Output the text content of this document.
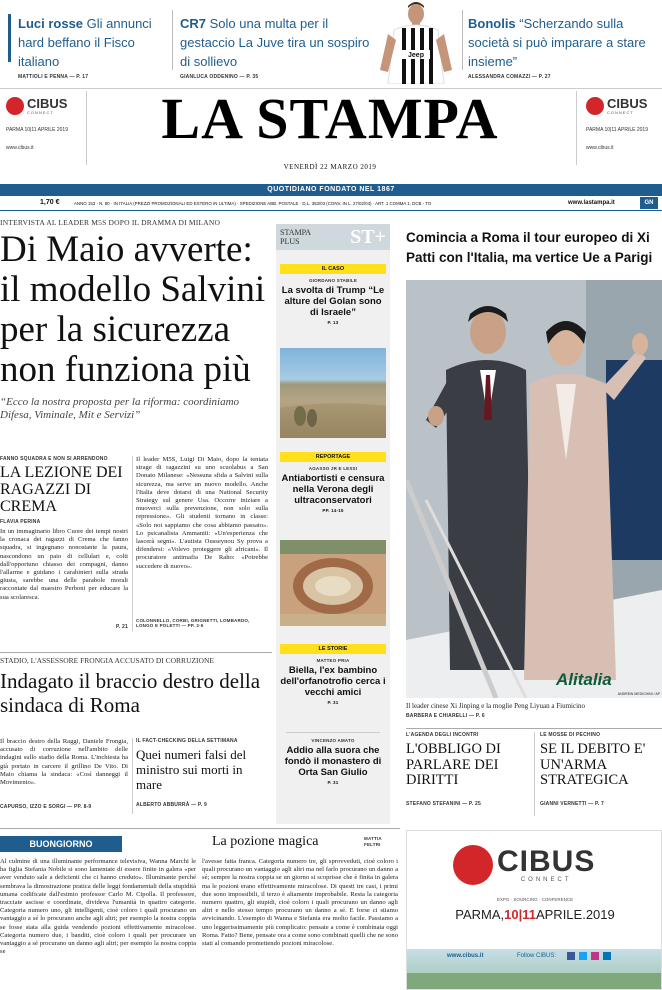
Luci rosse Gli annunci hard beffano il Fisco italiano
MATTIOLI E PENNA — P. 17
CR7 Solo una multa per il gestaccio La Juve tira un sospiro di sollievo
GIANLUCA ODDENINO — P. 35
Jeep
Bonolis “Scherzando sulla società si può imparare a stare insieme”
ALESSANDRA COMAZZI — P. 27
CIBUS
CONNECT
PARMA 10|11 APRILE 2019
www.cibus.it	LA STAMPA
VENERDÌ 22 MARZO 2019
CIBUS
CONNECT
PARMA 10|11 APRILE 2019
www.cibus.it
QUOTIDIANO FONDATO NEL 1867
1,70 €	ANNO 153 · N. 80 · IN ITALIA (PREZZI PROMOZIONALI ED ESTERO IN ULTIMA) · SPEDIZIONE ABB. POSTALE · D.L. 353/03 (CONV. IN L. 27/02/04) · ART. 1 COMMA 1, DCB - TO	www.lastampa.it	GN
INTERVISTA AL LEADER M5S DOPO IL DRAMMA DI MILANO
Di Maio avverte: il modello Salvini per la sicurezza non funziona più
“Ecco la nostra proposta per la riforma: coordiniamo Difesa, Viminale, Mit e Servizi”
FANNO SQUADRA E NON SI ARRENDONO
LA LEZIONE DEI RAGAZZI DI CREMA
FLAVIA PERINA
In un immaginario libro Cuore dei tempi nostri la cronaca dei ragazzi di Crema che fanno squadra, si ingegnano nonostante la paura, nascondono un paio di cellulari e, colti dall'opportuno chiasso dei compagni, danno l'allarme e guidano i carabinieri sulla strada giusta, sarebbe una delle parabole morali raccontate dal maestro Perboni per educare la sua scolaresca.
P. 21
Il leader M5S, Luigi Di Maio, dopo la tentata strage di ragazzini su uno scuolabus a San Donato Milanese: «Nessuna sfida a Salvini sulla sicurezza, ma serve un nuovo modello. Anche l'Italia deve dotarsi di una National Security Strategy sul genere Usa. Occorre iniziare a muoverci sulla prevenzione, non solo sulla repressione». Gli studenti tornano in classe: «Solo noi sappiamo che cosa abbiamo passato». Lo psicanalista Ammaniti: «Un'esperienza che lascerà segni». L'autista Ousseynou Sy prova a difendersi: «Volevo proteggere gli africani». Il procuratore antimafia De Raho: «Potrebbe succedere di nuovo».
COLONNELLO, CORBI, GRIGNETTI, LOMBARDO, LONGO E POLETTI — PP. 2-5
STADIO, L'ASSESSORE FRONGIA ACCUSATO DI CORRUZIONE
Indagato il braccio destro della sindaca di Roma
Il braccio destro della Raggi, Daniele Frongia, accusato di corruzione nell'ambito delle indagini sullo stadio della Roma. L'inchiesta ha già portato in carcere il grillino De Vito. Di Maio chiama la sindaca: «Così danneggi il Movimento».
CAPURSO, IZZO E SORGI — PP. 8-9
IL FACT-CHECKING DELLA SETTIMANA
Quei numeri falsi del ministro sui morti in mare
ALBERTO ABBURRÀ — P. 9
STAMPA PLUS	ST+
IL CASO
GIORDANO STABILE
La svolta di Trump “Le alture del Golan sono di Israele”
P. 13
REPORTAGE
AGASSO JR E LESSI
Antiabortisti e censura nella Verona degli ultraconservatori
PP. 14-15
LE STORIE
MATTEO PRIA
Biella, l'ex bambino dell'orfanotrofio cerca i vecchi amici
P. 31
VINCENZO AMATO
Addio alla suora che fondò il monastero di Orta San Giulio
P. 31
Comincia a Roma il tour europeo di Xi Patti con l'Italia, ma vertice Ue a Parigi
Alitalia
ANDREW MEDICHINI / AP
Il leader cinese Xi Jinping e la moglie Peng Liyuan a Fiumicino
BARBERA E CHIARELLI — P. 6
L'AGENDA DEGLI INCONTRI
L'OBBLIGO DI PARLARE DEI DIRITTI
STEFANO STEFANINI — P. 25
LE MOSSE DI PECHINO
SE IL DEBITO E' UN'ARMA STRATEGICA
GIANNI VERNETTI — P. 7
BUONGIORNO	La pozione magica	MATTIA FELTRI
Al culmine di una illuminante performance televisiva, Wanna Marchi le ha figlia Stefania Nobile si sono lamentate di essere finite in galera «per aver venduto sale a deficienti che ci hanno creduto». Illuminante perché sembrava la dimostrazione pratica delle leggi fondamentali della stupidità umana codificate dall'esimio professor Carlo M. Cipolla. Il professore, tracciate ascisse e coordinate, divideva l'umanità in quattro categorie. Categoria numero uno, gli intelligenti, cioè coloro i quali procurano un vantaggio a sé lo procurano anche agli altri; per esempio la nostra coppia se fosse stata alla guida vendendo pozioni effettivamente miracolose. Categoria numero due, i banditi, cioè coloro i quali per procurare un vantaggio a sé procurano un danno agli altri; per esempio la nostra coppia se
l'avesse fatta franca. Categoria numero tre, gli sprovveduti, cioè coloro i quali procurano un vantaggio agli altri ma nel farlo procurano un danno a sé; sempre la nostra coppia se un giorno si scoprisse che è finita in galera ma le pozioni erano effettivamente miracolose. Di questi tre casi, i primi due sono impossibili, il terzo è altamente improbabile. Resta la categoria numero quattro, gli stupidi, cioè coloro i quali procurano un danno agli altri e nello stesso tempo procurano un danno a sé. E forse ci stiamo avvicinando. L'esempio di Wanna e Stefania era molto facile. Passiamo a uno leggerissimamente più complicato: pensate a come è combinata oggi Roma. Fatto? Bene, pensate ora a come sono combinati quelli che ne sono stati al comando promettendo pozioni miracolose.
CIBUS
CONNECT
EXPO · SOURCING · CONFERENCE
PARMA,10|11APRILE.2019
www.cibus.it	Follow CIBUS:
